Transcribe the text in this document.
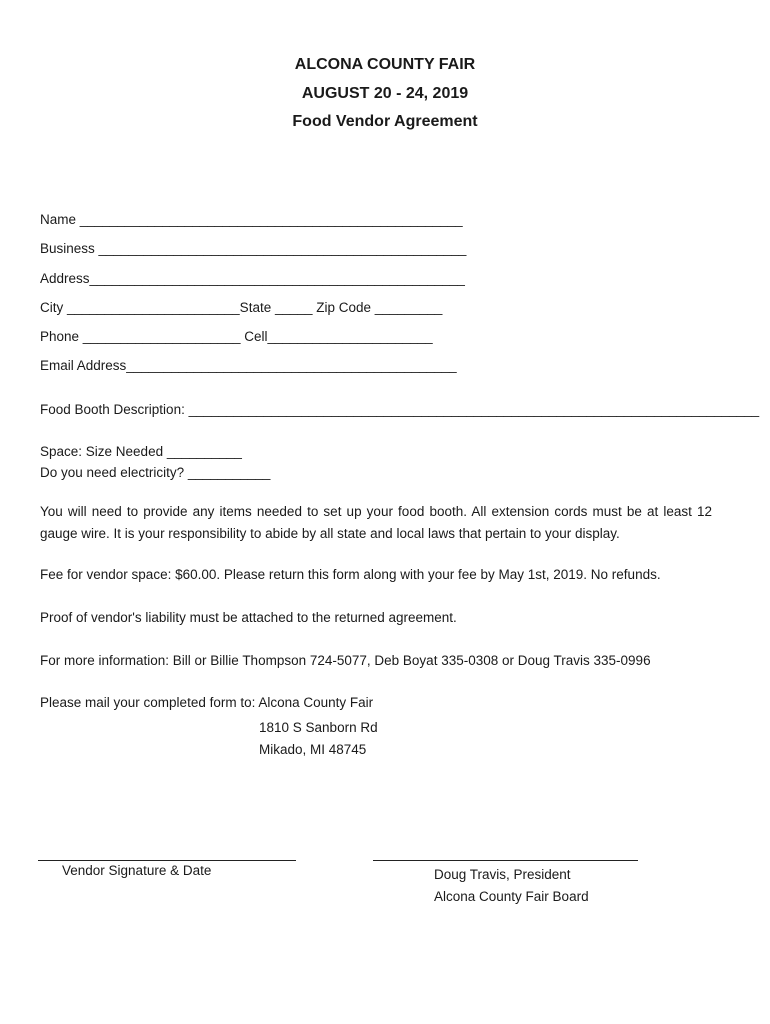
ALCONA COUNTY FAIR
AUGUST 20 - 24, 2019
Food Vendor Agreement
Name ___________________________________________________
Business _________________________________________________
Address__________________________________________________
City _______________________State _____ Zip Code _________
Phone _____________________ Cell______________________
Email Address____________________________________________
Food Booth Description: ____________________________________________________________________________
Space: Size Needed __________
Do you need electricity? ___________
You will need to provide any items needed to set up your food booth. All extension cords must be at least 12 gauge wire. It is your responsibility to abide by all state and local laws that pertain to your display.
Fee for vendor space: $60.00. Please return this form along with your fee by May 1st, 2019. No refunds.
Proof of vendor's liability must be attached to the returned agreement.
For more information: Bill or Billie Thompson 724-5077, Deb Boyat 335-0308 or Doug Travis 335-0996
Please mail your completed form to: Alcona County Fair
1810 S Sanborn Rd
Mikado, MI 48745
Vendor Signature & Date	Doug Travis, President
Alcona County Fair Board
